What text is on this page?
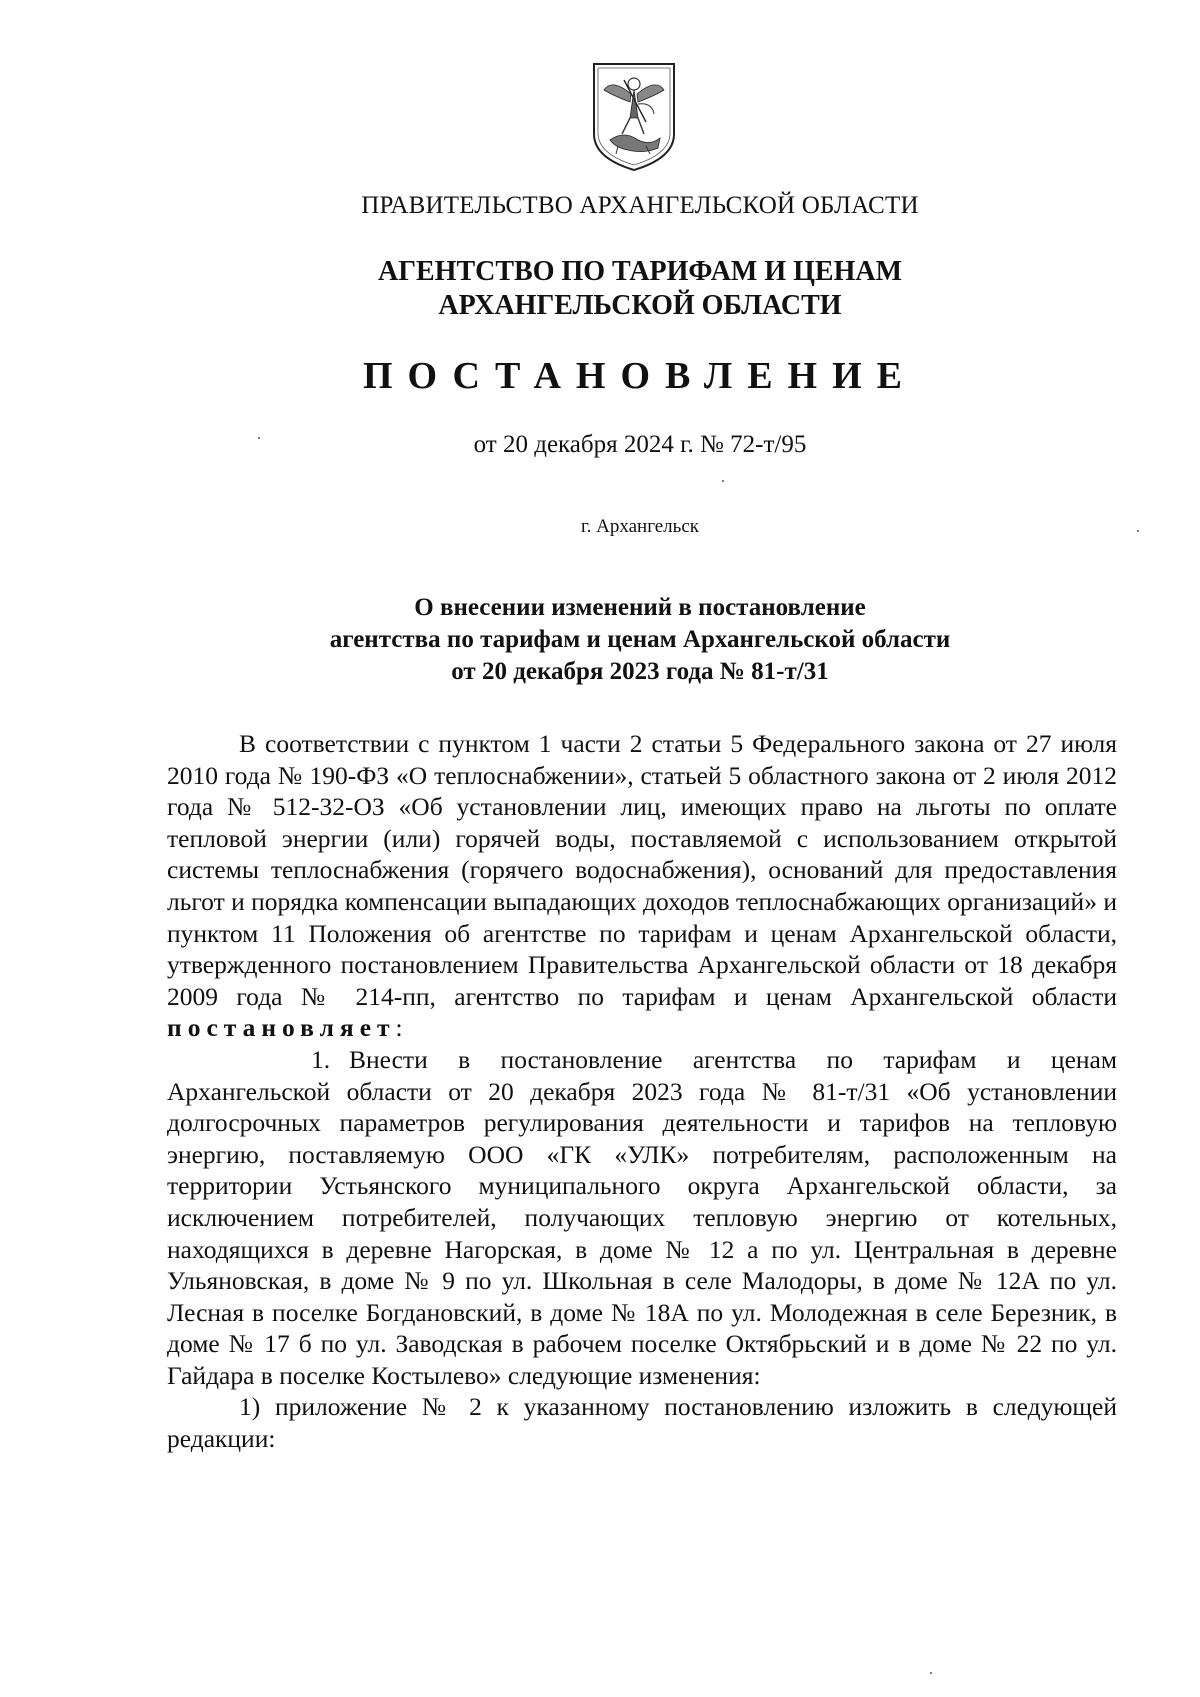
ПРАВИТЕЛЬСТВО АРХАНГЕЛЬСКОЙ ОБЛАСТИ
АГЕНТСТВО ПО ТАРИФАМ И ЦЕНАМ
АРХАНГЕЛЬСКОЙ ОБЛАСТИ
ПОСТАНОВЛЕНИЕ
от 20 декабря 2024 г. № 72-т/95
г. Архангельск
О внесении изменений в постановление
агентства по тарифам и ценам Архангельской области
от 20 декабря 2023 года № 81-т/31

В соответствии с пунктом 1 части 2 статьи 5 Федерального закона от 27 июля 2010 года № 190-ФЗ «О теплоснабжении», статьей 5 областного закона от 2 июля 2012 года № 512-32-ОЗ «Об установлении лиц, имеющих право на льготы по оплате тепловой энергии (или) горячей воды, поставляемой с использованием открытой системы теплоснабжения (горячего водоснабжения), оснований для предоставления льгот и порядка компенсации выпадающих доходов теплоснабжающих организаций» и пунктом 11 Положения об агентстве по тарифам и ценам Архангельской области, утвержденного постановлением Правительства Архангельской области от 18 декабря 2009 года № 214-пп, агентство по тарифам и ценам Архангельской области постановляет:

1. Внести в постановление агентства по тарифам и ценам Архангельской области от 20 декабря 2023 года № 81-т/31 «Об установлении долгосрочных параметров регулирования деятельности и тарифов на тепловую энергию, поставляемую ООО «ГК «УЛК» потребителям, расположенным на территории Устьянского муниципального округа Архангельской области, за исключением потребителей, получающих тепловую энергию от котельных, находящихся в деревне Нагорская, в доме № 12 а по ул. Центральная в деревне Ульяновская, в доме № 9 по ул. Школьная в селе Малодоры, в доме № 12А по ул. Лесная в поселке Богдановский, в доме № 18А по ул. Молодежная в селе Березник, в доме № 17 б по ул. Заводская в рабочем поселке Октябрьский и в доме № 22 по ул. Гайдара в поселке Костылево» следующие изменения:

1) приложение № 2 к указанному постановлению изложить в следующей редакции:
